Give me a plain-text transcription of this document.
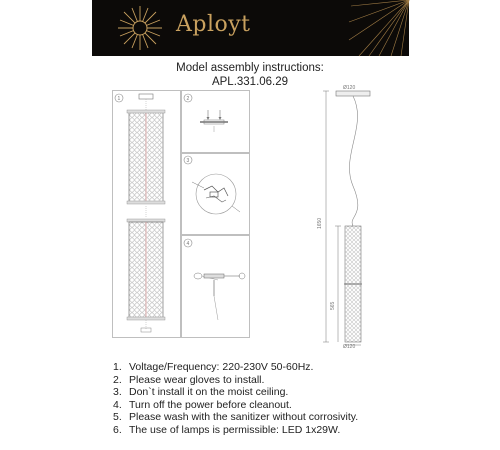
Aployt
Model assembly instructions:
APL.331.06.29
1	2
3
4
Ø120
1650
565
Ø120
1. Voltage/Frequency: 220-230V 50-60Hz.
2. Please wear gloves to install.
3. Don`t install it on the moist ceiling.
4. Turn off the power before cleanout.
5. Please wash with the sanitizer without corrosivity.
6. The use of lamps is permissible: LED 1x29W.
